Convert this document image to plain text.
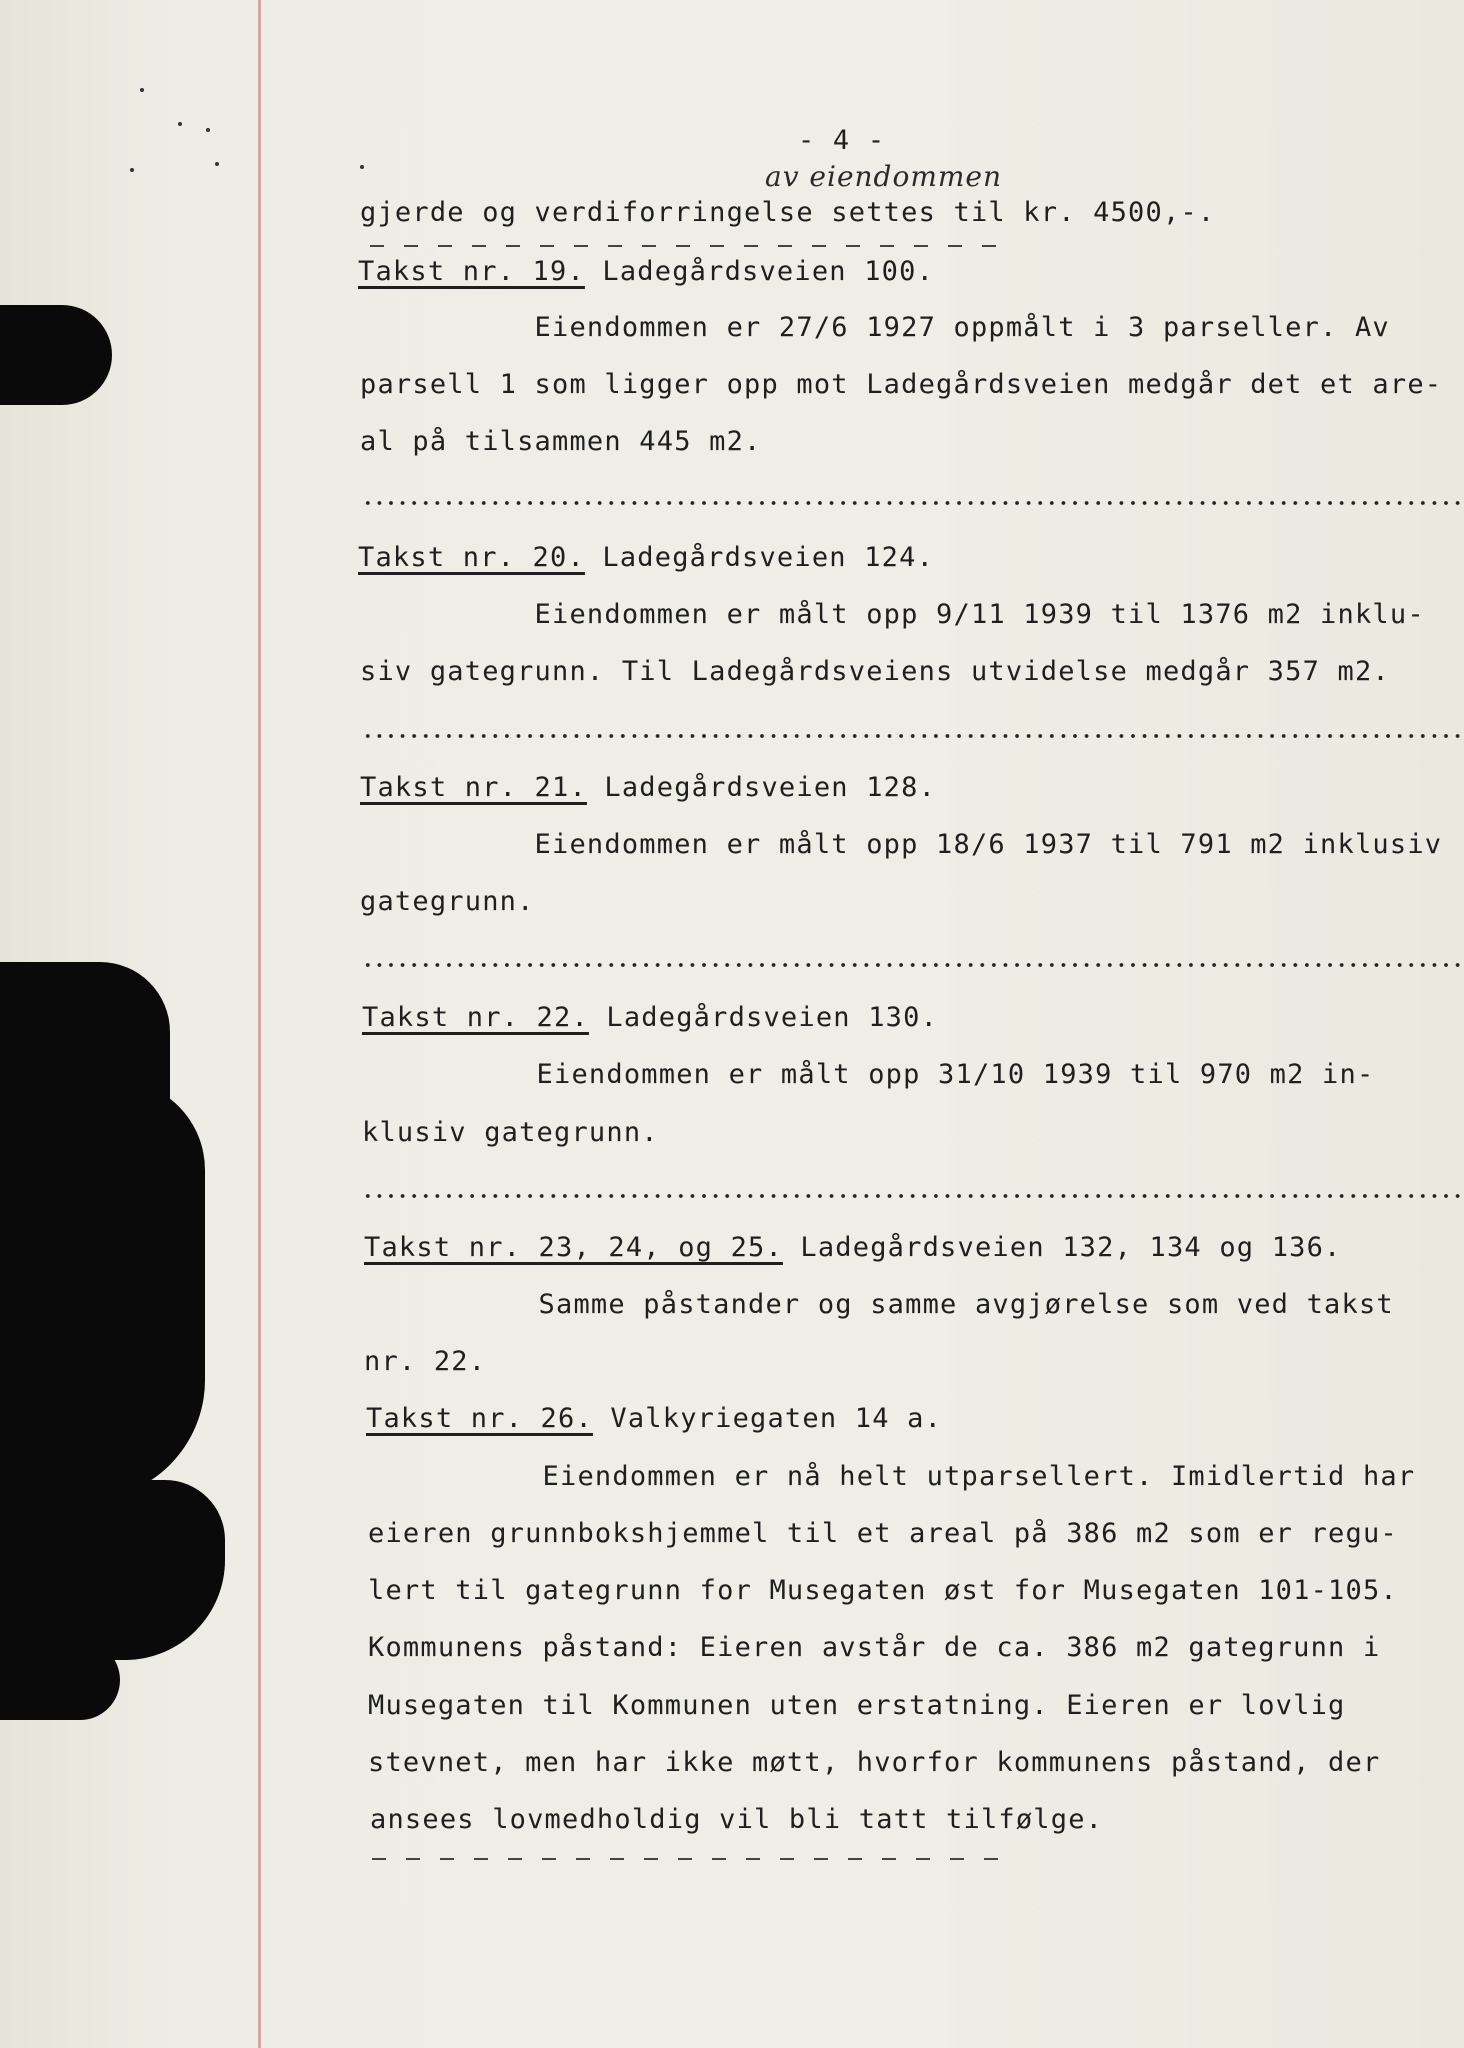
- 4 -
av eiendommen
gjerde og verdiforringelse settes til kr. 4500,-.
Takst nr. 19. Ladegårdsveien 100.
Eiendommen er 27/6 1927 oppmålt i 3 parseller. Av
parsell 1 som ligger opp mot Ladegårdsveien medgår det et are-
al på tilsammen 445 m2.
Takst nr. 20. Ladegårdsveien 124.
Eiendommen er målt opp 9/11 1939 til 1376 m2 inklu-
siv gategrunn. Til Ladegårdsveiens utvidelse medgår 357 m2.
Takst nr. 21. Ladegårdsveien 128.
Eiendommen er målt opp 18/6 1937 til 791 m2 inklusiv
gategrunn.
Takst nr. 22. Ladegårdsveien 130.
Eiendommen er målt opp 31/10 1939 til 970 m2 in-
klusiv gategrunn.
Takst nr. 23, 24, og 25. Ladegårdsveien 132, 134 og 136.
Samme påstander og samme avgjørelse som ved takst
nr. 22.
Takst nr. 26. Valkyriegaten 14 a.
Eiendommen er nå helt utparsellert. Imidlertid har
eieren grunnbokshjemmel til et areal på 386 m2 som er regu-
lert til gategrunn for Musegaten øst for Musegaten 101-105.
Kommunens påstand: Eieren avstår de ca. 386 m2 gategrunn i
Musegaten til Kommunen uten erstatning. Eieren er lovlig
stevnet, men har ikke møtt, hvorfor kommunens påstand, der
ansees lovmedholdig vil bli tatt tilfølge.
